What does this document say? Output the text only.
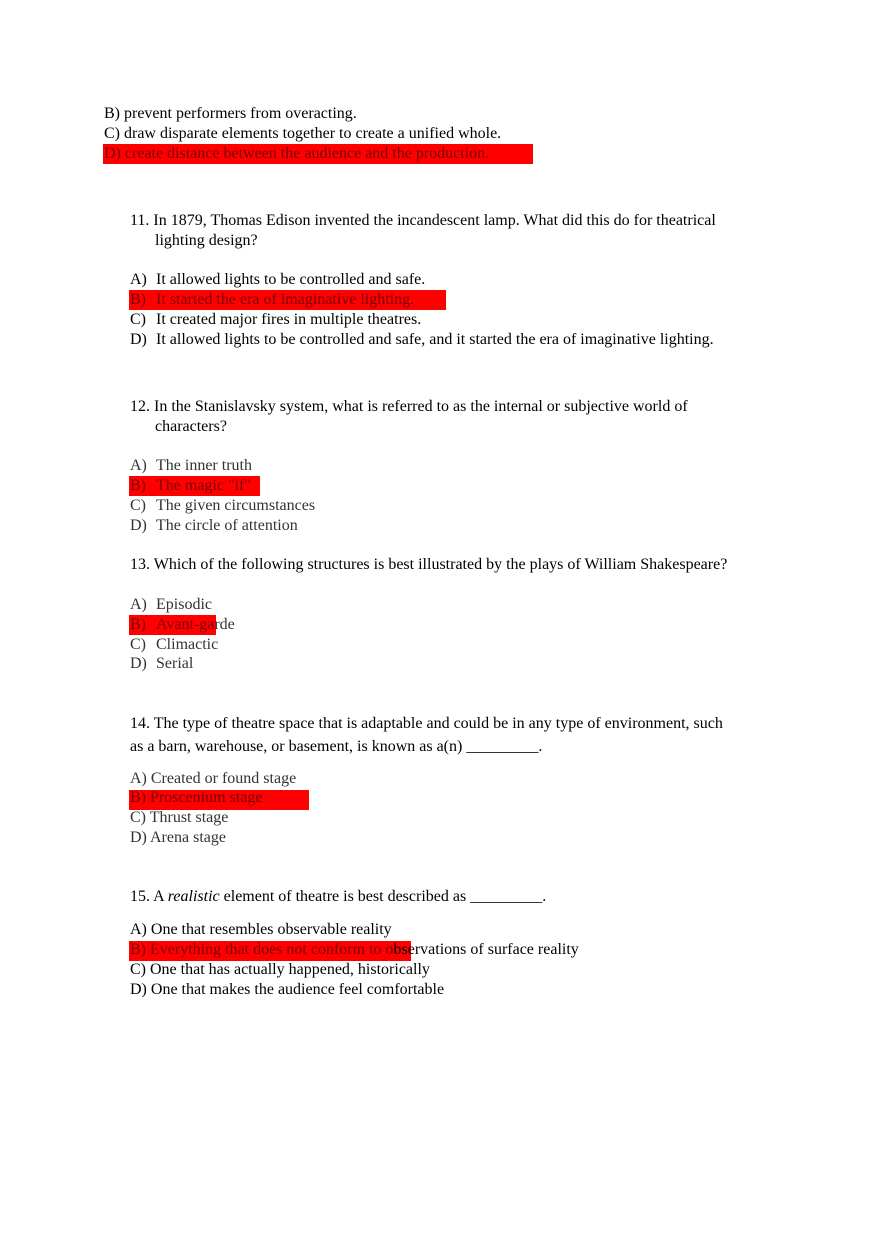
B) prevent performers from overacting.
C) draw disparate elements together to create a unified whole.
D) create distance between the audience and the production.
11. In 1879, Thomas Edison invented the incandescent lamp. What did this do for theatrical
lighting design?
A) It allowed lights to be controlled and safe.
B) It started the era of imaginative lighting.
C) It created major fires in multiple theatres.
D) It allowed lights to be controlled and safe, and it started the era of imaginative lighting.
12. In the Stanislavsky system, what is referred to as the internal or subjective world of
characters?
A) The inner truth
B) The magic "if"
C) The given circumstances
D) The circle of attention
13. Which of the following structures is best illustrated by the plays of William Shakespeare?
A) Episodic
B) Avant-garde
C) Climactic
D) Serial
14. The type of theatre space that is adaptable and could be in any type of environment, such
as a barn, warehouse, or basement, is known as a(n) _________.
A) Created or found stage
B) Proscenium stage
C) Thrust stage
D) Arena stage
15. A realistic element of theatre is best described as _________.
A) One that resembles observable reality
B) Everything that does not conform to observations of surface reality
C) One that has actually happened, historically
D) One that makes the audience feel comfortable
